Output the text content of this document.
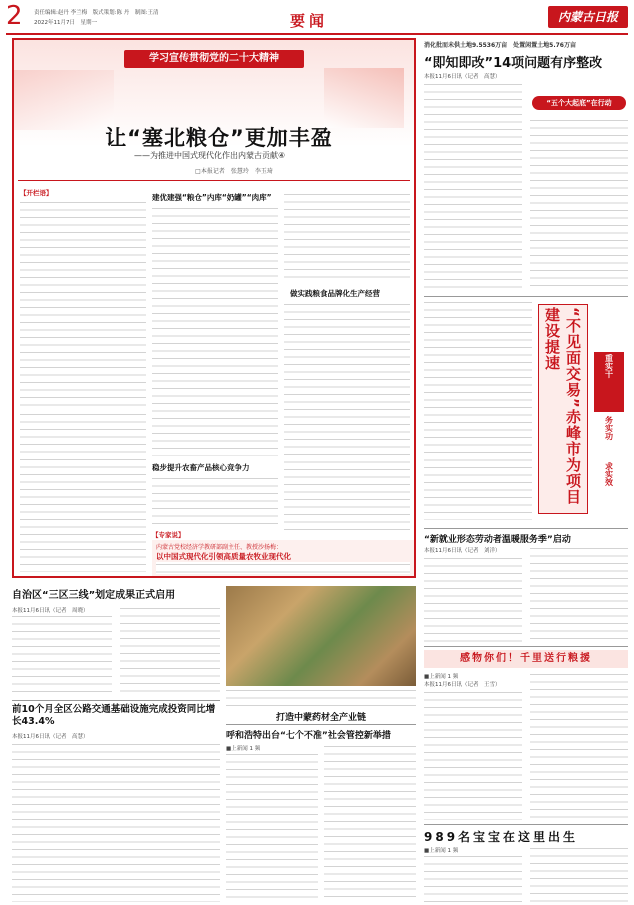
2 责任编辑:赵丹 李兰梅　版式策划:陈 丹　制图:王清
2022年11月7日　星期一	要闻	内蒙古日报
学习宣传贯彻党的二十大精神
让“塞北粮仓”更加丰盈
——为推进中国式现代化作出内蒙古贡献④
□本报记者　张慧玲　李玉琦
【开栏语】	建优建强“粮仓”内库“奶罐”“肉库”
稳步提升农畜产品核心竞争力
做实践粮食品牌化生产经营
【专家说】
内蒙古党校经济学教研部副主任、教授沙扬梅：
以中国式现代化引领高质量农牧业现代化
消化批而未供土地9.5536万亩　处置闲置土地5.76万亩
“即知即改”14项问题有序整改
本报11月6日讯（记者　高慧）
“五个大起底”在行动
“不见面交易”赤峰市为项目建设提速	重实干
务实功
求实效
“新就业形态劳动者温暖服务季”启动
本报11月6日讯（记者　刘洋）
感物你们！千里送行粮援
■上新闻 1 频
本报11月6日讯（记者　王雪）
989名宝宝在这里出生
■上新闻 1 频
自治区“三区三线”划定成果正式启用
本报11月6日讯（记者　周晓）
前10个月全区公路交通基础设施完成投资同比增长43.4%
本报11月6日讯（记者　高慧）
打造中蒙药材全产业链
呼和浩特出台“七个不准”社会管控新举措
■上新闻 1 频
